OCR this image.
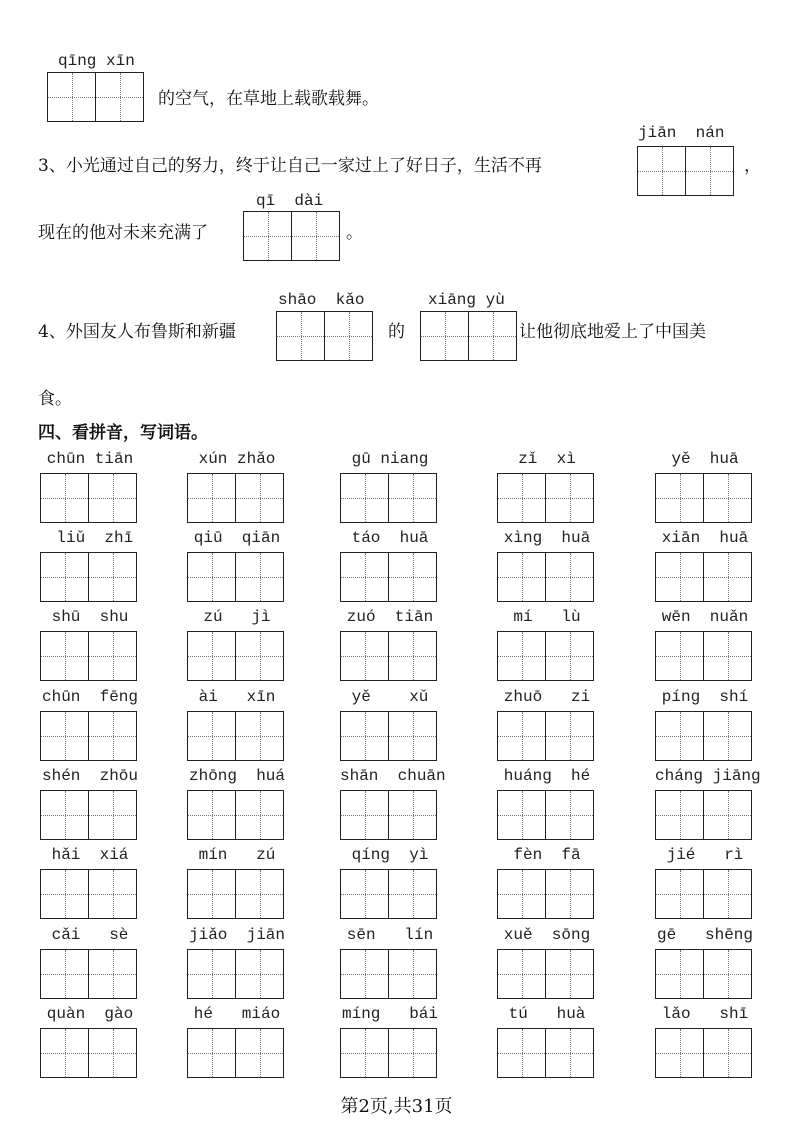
qīng xīn
的空气，在草地上载歌载舞。
3、小光通过自己的努力，终于让自己一家过上了好日子，生活不再
jiān  nán
，
现在的他对未来充满了
qī  dài
。
4、外国友人布鲁斯和新疆
shāo  kǎo
的
xiāng yù
让他彻底地爱上了中国美
食。
四、看拼音，写词语。
chūn tiān	xún zhǎo	gū niang	zǐ  xì	yě  huā
liǔ  zhī	qiū  qiān	táo  huā	xìng  huā	xiān  huā
shū  shu	zú   jì	zuó  tiān	mí   lù	wēn  nuǎn
chūn  fēng	ài   xīn	yě    xǔ	zhuō   zi	píng  shí
shén  zhōu	zhōng  huá	shān  chuān	huáng  hé	cháng jiāng
hǎi  xiá	mín   zú	qíng  yì	fèn  fā	jié   rì
cǎi   sè	jiǎo  jiān	sēn   lín	xuě  sōng	gē   shēng
quàn  gào	hé   miáo	míng   bái	tú   huà	lǎo   shī
第2页,共31页
